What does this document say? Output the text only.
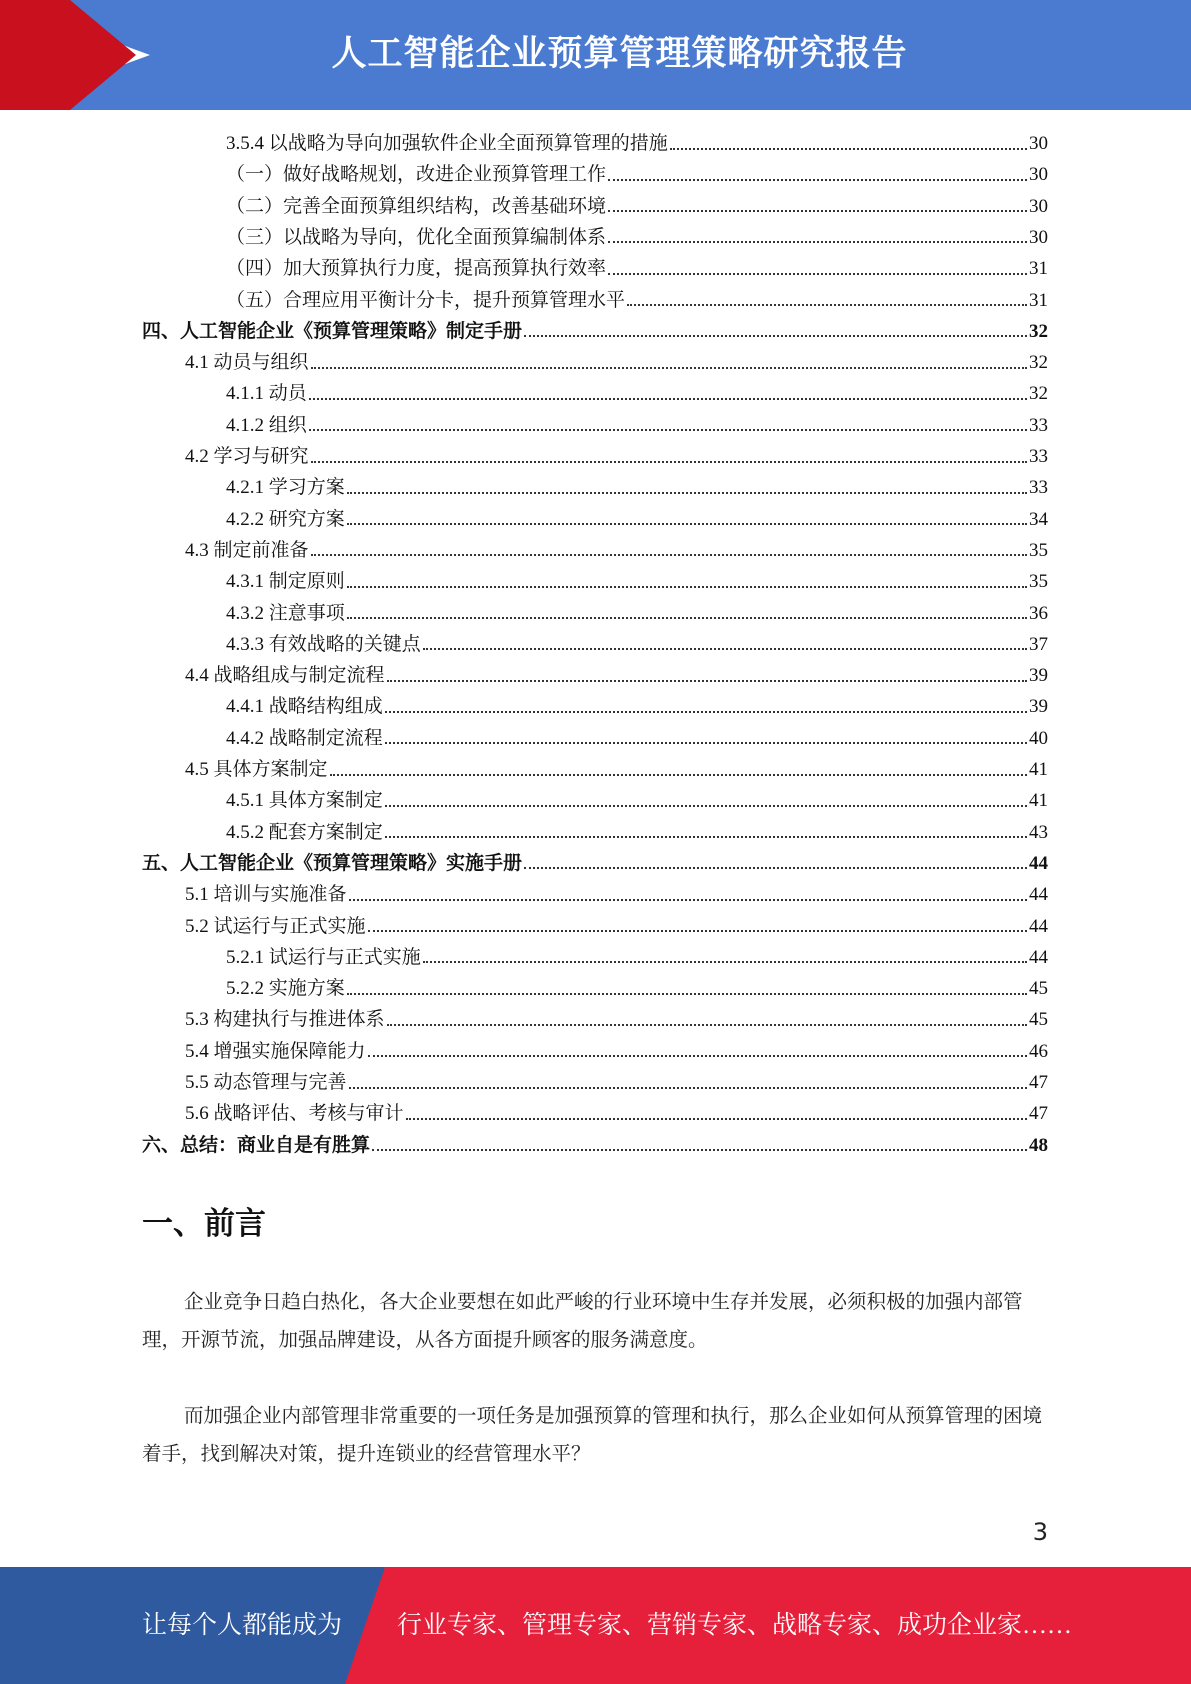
人工智能企业预算管理策略研究报告
3.5.4 以战略为导向加强软件企业全面预算管理的措施	30
（一）做好战略规划，改进企业预算管理工作	30
（二）完善全面预算组织结构，改善基础环境	30
（三）以战略为导向，优化全面预算编制体系	30
（四）加大预算执行力度，提高预算执行效率	31
（五）合理应用平衡计分卡，提升预算管理水平	31
四、人工智能企业《预算管理策略》制定手册	32
4.1 动员与组织	32
4.1.1 动员	32
4.1.2 组织	33
4.2 学习与研究	33
4.2.1 学习方案	33
4.2.2 研究方案	34
4.3 制定前准备	35
4.3.1 制定原则	35
4.3.2 注意事项	36
4.3.3 有效战略的关键点	37
4.4 战略组成与制定流程	39
4.4.1 战略结构组成	39
4.4.2 战略制定流程	40
4.5 具体方案制定	41
4.5.1 具体方案制定	41
4.5.2 配套方案制定	43
五、人工智能企业《预算管理策略》实施手册	44
5.1 培训与实施准备	44
5.2 试运行与正式实施	44
5.2.1 试运行与正式实施	44
5.2.2 实施方案	45
5.3 构建执行与推进体系	45
5.4 增强实施保障能力	46
5.5 动态管理与完善	47
5.6 战略评估、考核与审计	47
六、总结：商业自是有胜算	48
一、前言

企业竞争日趋白热化，各大企业要想在如此严峻的行业环境中生存并发展，必须积极的加强内部管理，开源节流，加强品牌建设，从各方面提升顾客的服务满意度。

而加强企业内部管理非常重要的一项任务是加强预算的管理和执行，那么企业如何从预算管理的困境着手，找到解决对策，提升连锁业的经营管理水平？

3
让每个人都能成为 行业专家、管理专家、营销专家、战略专家、成功企业家……
